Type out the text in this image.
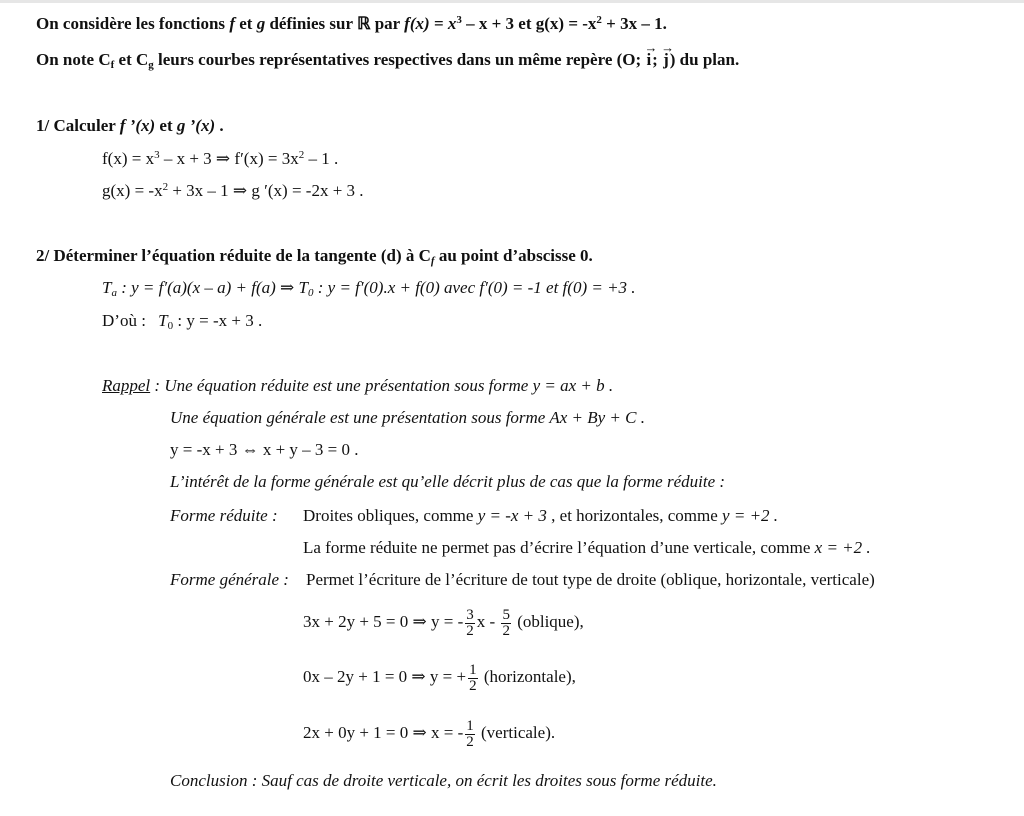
On considère les fonctions f et g définies sur ℝ par $f(x) = x^3 - x + 3$ et $g(x) = -x^2 + 3x - 1$.
On note $C_f$ et $C_g$ leurs courbes représentatives respectives dans un même repère (O; → i; → j) du plan.
1/ Calculer f ’(x) et g ’(x) .
$f(x) = x^3 - x + 3$ ⇒ $f'(x) = 3x^2 - 1$ .
$g(x) = -x^2 + 3x - 1$ ⇒ g ′(x) = -2x + 3 .
2/ Déterminer l’équation réduite de la tangente (d) à $C_f$ au point d’abscisse 0.
$T_a$ : y = f′(a)(x – a) + f(a) ⇒ $T_0$ : y = f′(0).x + f(0) avec f′(0) = -1 et f(0) = +3 .
D’où : $T_0$ : y = -x + 3 .
Rappel : Une équation réduite est une présentation sous forme y = ax + b .
Une équation générale est une présentation sous forme Ax + By + C .
y = -x + 3 ⇔ x + y – 3 = 0 .
L’intérêt de la forme générale est qu’elle décrit plus de cas que la forme réduite :
Forme réduite : Droites obliques, comme y = -x + 3 , et horizontales, comme y = +2 .
La forme réduite ne permet pas d’écrire l’équation d’une verticale, comme x = +2 .
Forme générale : Permet l’écriture de l’écriture de tout type de droite (oblique, horizontale, verticale)
3x + 2y + 5 = 0 ⇒ y = - $\frac{3}{2}$ x - $\frac{5}{2}$ (oblique),
0x – 2y + 1 = 0 ⇒ y = + $\frac{1}{2}$ (horizontale),
2x + 0y + 1 = 0 ⇒ x = - $\frac{1}{2}$ (verticale).
Conclusion : Sauf cas de droite verticale, on écrit les droites sous forme réduite.
